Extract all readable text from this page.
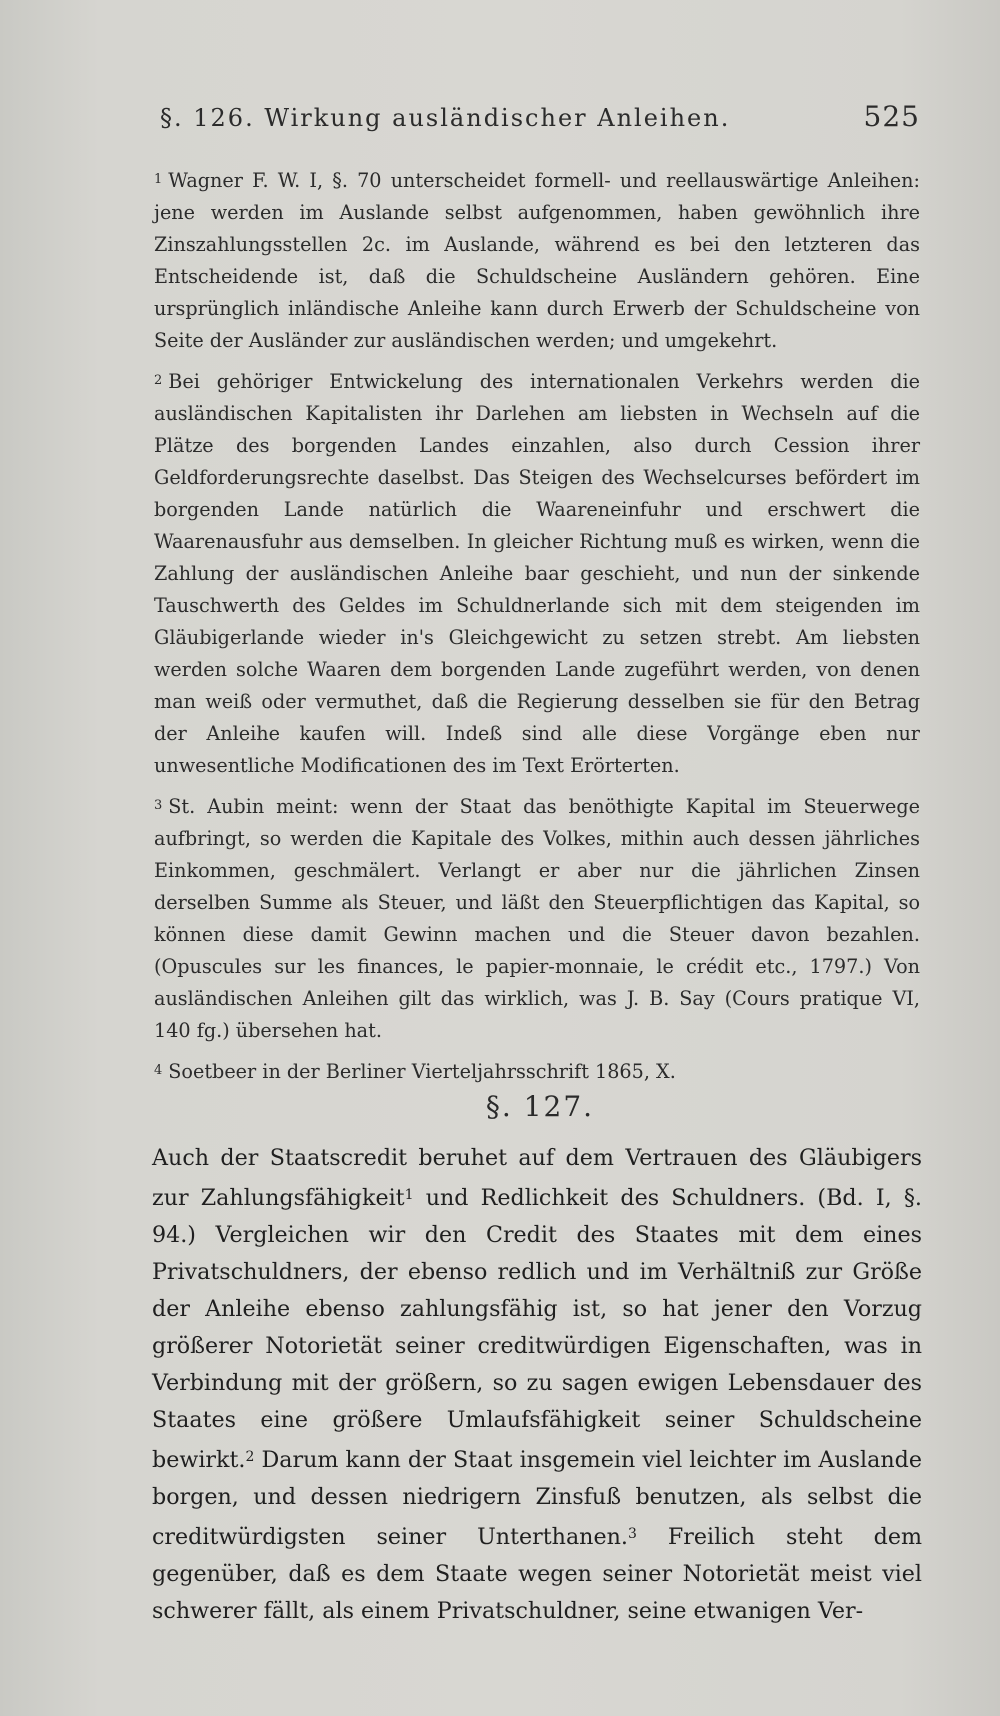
§. 126. Wirkung ausländischer Anleihen.	525

$^1$ Wagner F. W. I, §. 70 unterscheidet formell- und reellauswärtige Anleihen: jene werden im Auslande selbst aufgenommen, haben gewöhnlich ihre Zinszahlungsstellen 2c. im Auslande, während es bei den letzteren das Entscheidende ist, daß die Schuldscheine Ausländern gehören. Eine ursprünglich inländische Anleihe kann durch Erwerb der Schuldscheine von Seite der Ausländer zur ausländischen werden; und umgekehrt.

$^2$ Bei gehöriger Entwickelung des internationalen Verkehrs werden die ausländischen Kapitalisten ihr Darlehen am liebsten in Wechseln auf die Plätze des borgenden Landes einzahlen, also durch Cession ihrer Geldforderungsrechte daselbst. Das Steigen des Wechselcurses befördert im borgenden Lande natürlich die Waareneinfuhr und erschwert die Waarenausfuhr aus demselben. In gleicher Richtung muß es wirken, wenn die Zahlung der ausländischen Anleihe baar geschieht, und nun der sinkende Tauschwerth des Geldes im Schuldnerlande sich mit dem steigenden im Gläubigerlande wieder in's Gleichgewicht zu setzen strebt. Am liebsten werden solche Waaren dem borgenden Lande zugeführt werden, von denen man weiß oder vermuthet, daß die Regierung desselben sie für den Betrag der Anleihe kaufen will. Indeß sind alle diese Vorgänge eben nur unwesentliche Modificationen des im Text Erörterten.

$^3$ St. Aubin meint: wenn der Staat das benöthigte Kapital im Steuerwege aufbringt, so werden die Kapitale des Volkes, mithin auch dessen jährliches Einkommen, geschmälert. Verlangt er aber nur die jährlichen Zinsen derselben Summe als Steuer, und läßt den Steuerpflichtigen das Kapital, so können diese damit Gewinn machen und die Steuer davon bezahlen. (Opuscules sur les finances, le papier-monnaie, le crédit etc., 1797.) Von ausländischen Anleihen gilt das wirklich, was J. B. Say (Cours pratique VI, 140 fg.) übersehen hat.

$^4$ Soetbeer in der Berliner Vierteljahrsschrift 1865, X.

§. 127.
Auch der Staatscredit beruhet auf dem Vertrauen des Gläubigers zur Zahlungsfähigkeit$^1$ und Redlichkeit des Schuldners. (Bd. I, §. 94.) Vergleichen wir den Credit des Staates mit dem eines Privatschuldners, der ebenso redlich und im Verhältniß zur Größe der Anleihe ebenso zahlungsfähig ist, so hat jener den Vorzug größerer Notorietät seiner creditwürdigen Eigenschaften, was in Verbindung mit der größern, so zu sagen ewigen Lebensdauer des Staates eine größere Umlaufsfähigkeit seiner Schuldscheine bewirkt.$^2$ Darum kann der Staat insgemein viel leichter im Auslande borgen, und dessen niedrigern Zinsfuß benutzen, als selbst die creditwürdigsten seiner Unterthanen.$^3$ Freilich steht dem gegenüber, daß es dem Staate wegen seiner Notorietät meist viel schwerer fällt, als einem Privatschuldner, seine etwanigen Ver-
